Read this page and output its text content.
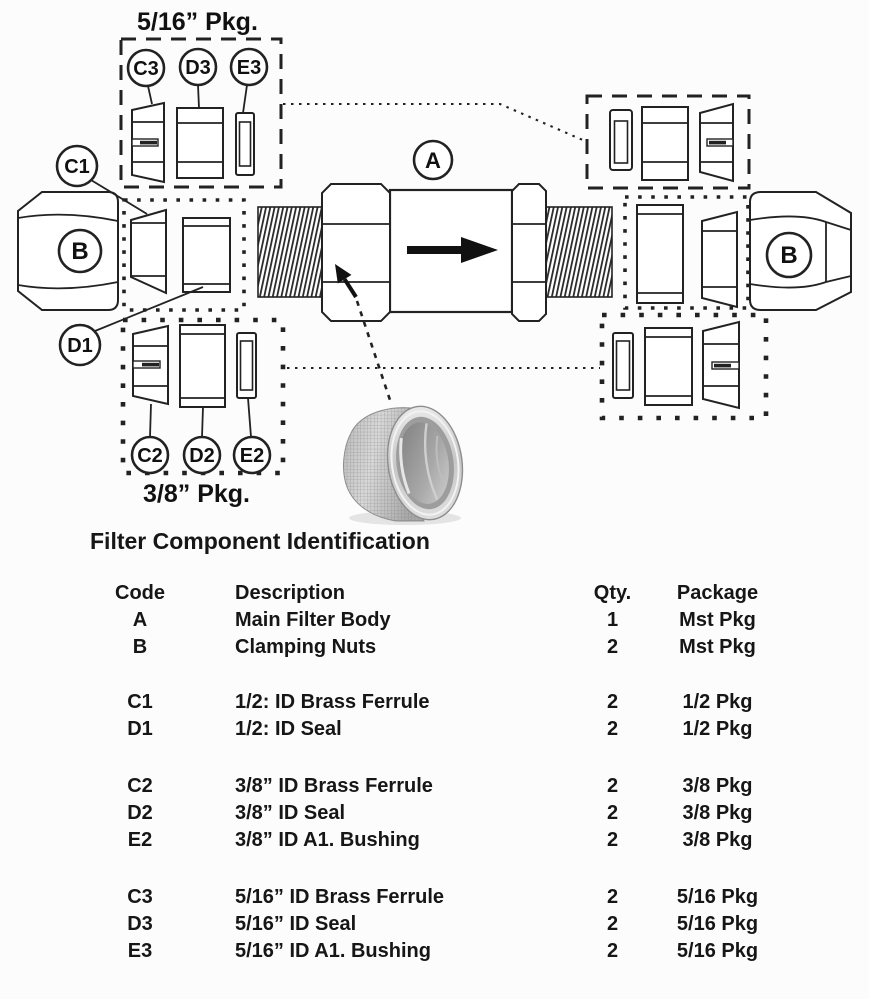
B	B
C3 D3 E3
C1
D1
C2 D2 E2
A
5/16” Pkg.
3/8” Pkg.
Filter Component Identification
Code	Description	Qty.	Package
A	Main Filter Body	1	Mst Pkg
B	Clamping Nuts	2	Mst Pkg
C1	1/2: ID Brass Ferrule	2	1/2 Pkg
D1	1/2: ID Seal	2	1/2 Pkg
C2	3/8” ID Brass Ferrule	2	3/8 Pkg
D2	3/8” ID Seal	2	3/8 Pkg
E2	3/8” ID A1. Bushing	2	3/8 Pkg
C3	5/16” ID Brass Ferrule	2	5/16 Pkg
D3	5/16” ID Seal	2	5/16 Pkg
E3	5/16” ID A1. Bushing	2	5/16 Pkg
